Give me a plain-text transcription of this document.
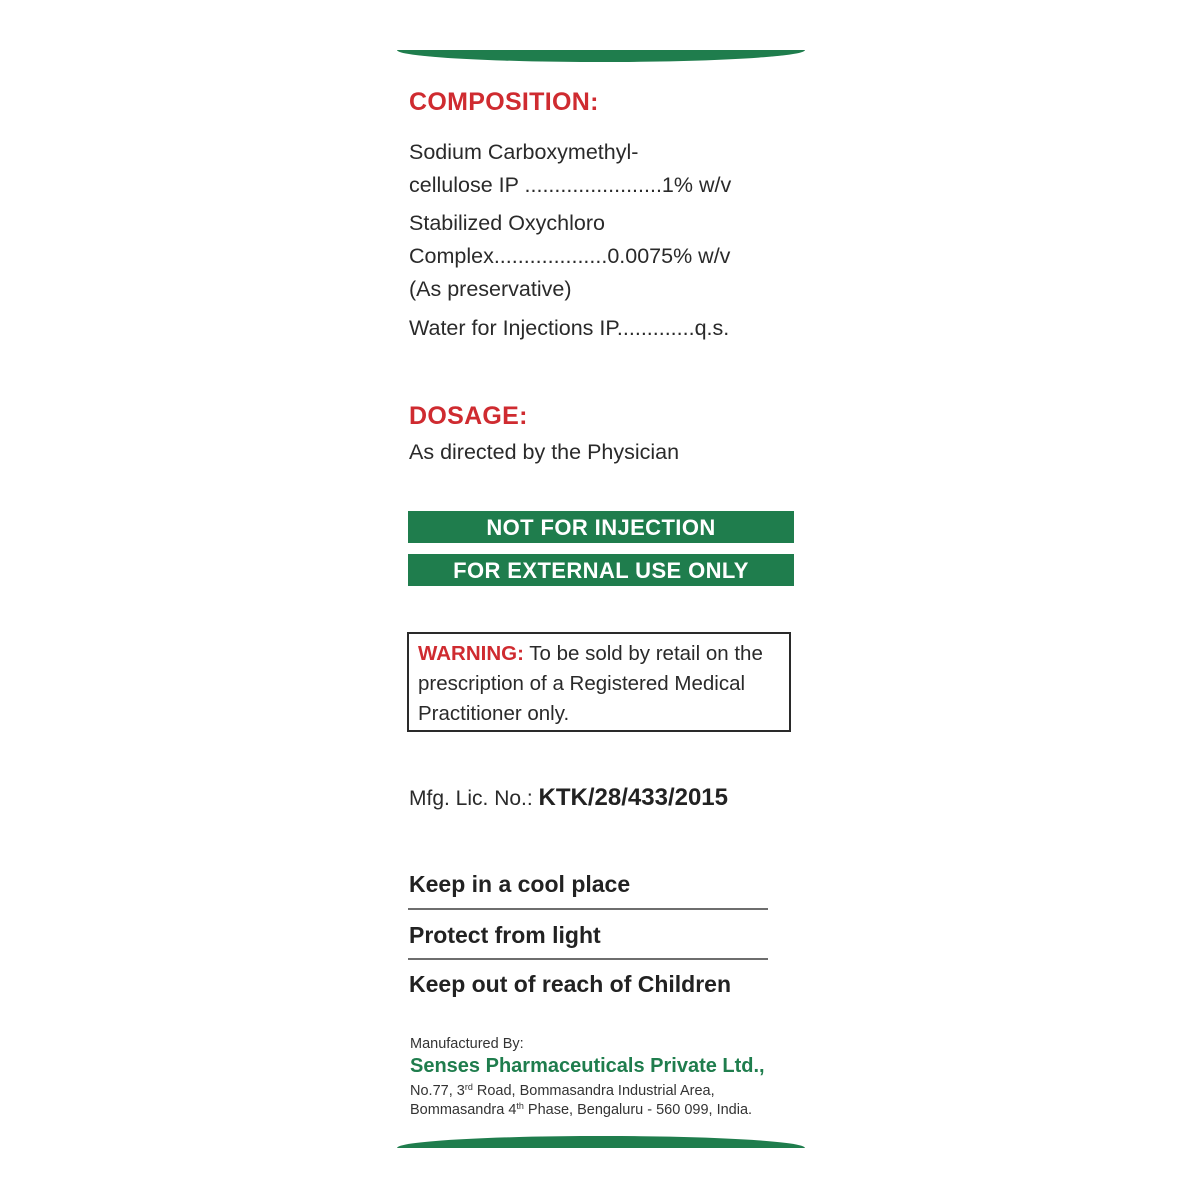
COMPOSITION:
Sodium Carboxymethyl-
cellulose IP .......................1% w/v
Stabilized Oxychloro
Complex...................0.0075% w/v
(As preservative)
Water for Injections IP.............q.s.
DOSAGE:
As directed by the Physician
NOT FOR INJECTION
FOR EXTERNAL USE ONLY
WARNING: To be sold by retail on the prescription of a Registered Medical Practitioner only.
Mfg. Lic. No.: KTK/28/433/2015
Keep in a cool place
Protect from light
Keep out of reach of Children
Manufactured By:
Senses Pharmaceuticals Private Ltd.,
No.77, 3rd Road, Bommasandra Industrial Area,
Bommasandra 4th Phase, Bengaluru - 560 099, India.
